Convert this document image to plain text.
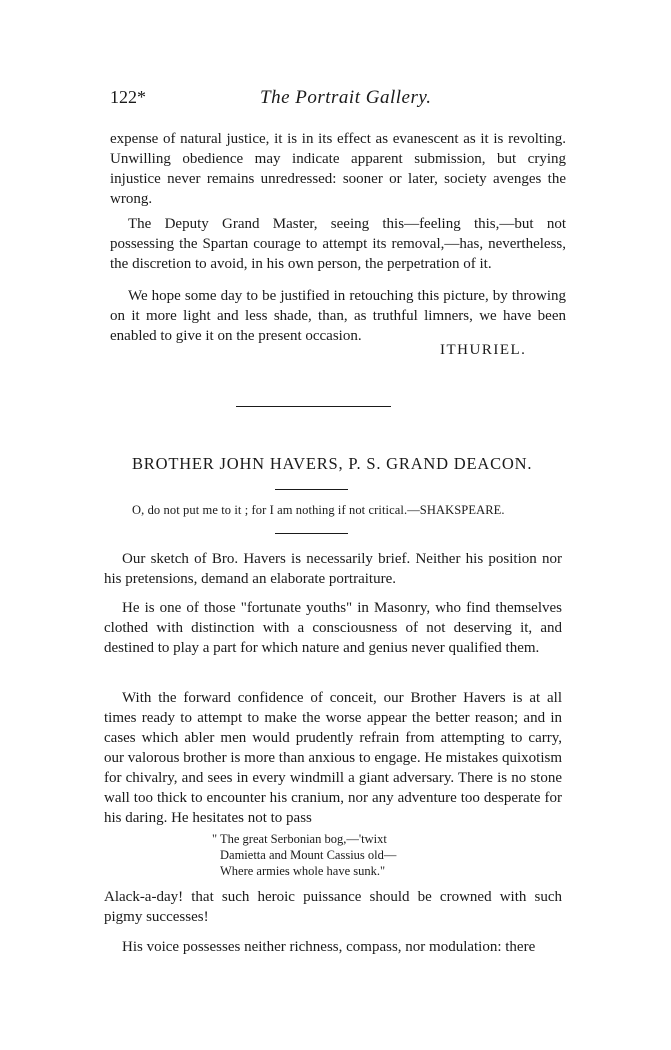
122*	The Portrait Gallery.

expense of natural justice, it is in its effect as evanescent as it is revolting. Unwilling obedience may indicate apparent submission, but crying injustice never remains unredressed: sooner or later, society avenges the wrong.

The Deputy Grand Master, seeing this—feeling this,—but not possessing the Spartan courage to attempt its removal,—has, nevertheless, the discretion to avoid, in his own person, the perpetration of it.

We hope some day to be justified in retouching this picture, by throwing on it more light and less shade, than, as truthful limners, we have been enabled to give it on the present occasion.

ITHURIEL.
BROTHER JOHN HAVERS, P. S. GRAND DEACON.
O, do not put me to it ; for I am nothing if not critical.—SHAKSPEARE.

Our sketch of Bro. Havers is necessarily brief. Neither his position nor his pretensions, demand an elaborate portraiture.

He is one of those "fortunate youths" in Masonry, who find themselves clothed with distinction with a consciousness of not deserving it, and destined to play a part for which nature and genius never qualified them.

With the forward confidence of conceit, our Brother Havers is at all times ready to attempt to make the worse appear the better reason; and in cases which abler men would prudently refrain from attempting to carry, our valorous brother is more than anxious to engage. He mistakes quixotism for chivalry, and sees in every windmill a giant adversary. There is no stone wall too thick to encounter his cranium, nor any adventure too desperate for his daring. He hesitates not to pass

" The great Serbonian bog,—'twixt
Damietta and Mount Cassius old—
Where armies whole have sunk."

Alack-a-day! that such heroic puissance should be crowned with such pigmy successes!

His voice possesses neither richness, compass, nor modulation: there
